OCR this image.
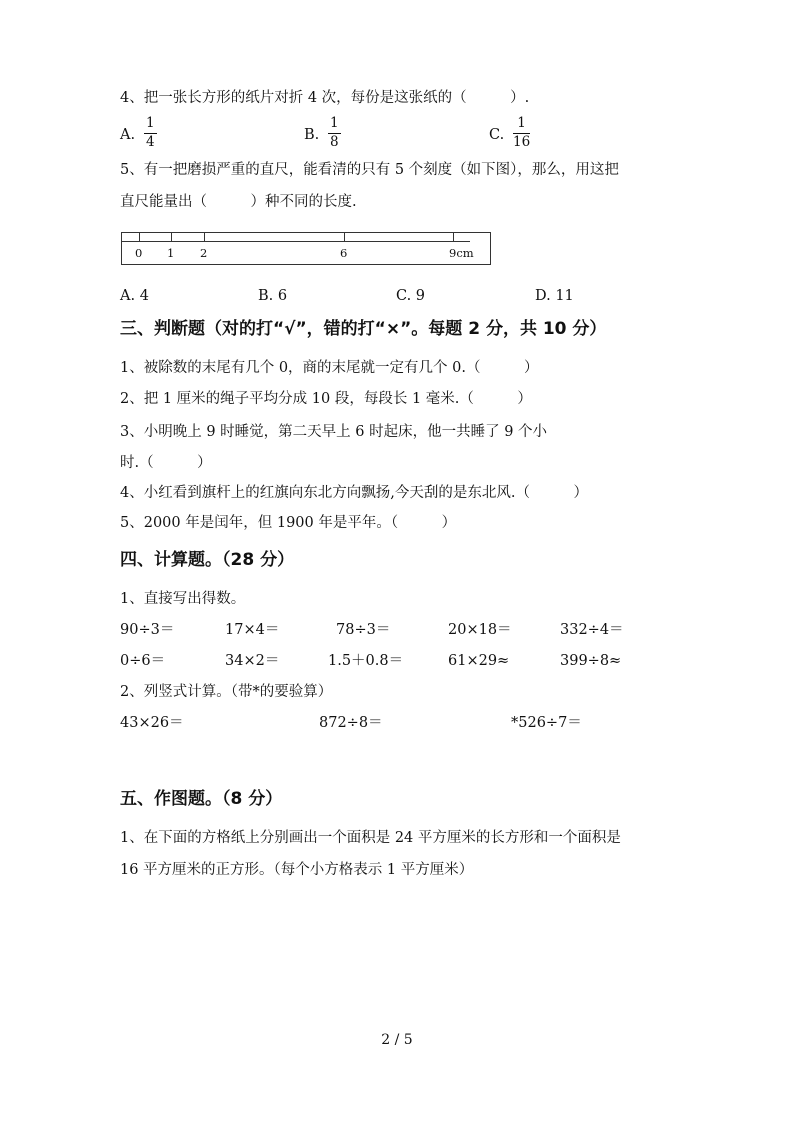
4、把一张长方形的纸片对折 4 次，每份是这张纸的（　　　）.
A.
1
4	B.
1
8	C.
1
16
5、有一把磨损严重的直尺，能看清的只有 5 个刻度（如下图），那么，用这把
直尺能量出（　　　）种不同的长度.
0 1 2	6	9cm
A. 4	B. 6	C. 9	D. 11
三、判断题（对的打“√”，错的打“×”。每题 2 分，共 10 分）
1、被除数的末尾有几个 0，商的末尾就一定有几个 0.（　　　）
2、把 1 厘米的绳子平均分成 10 段，每段长 1 毫米.（　　　）
3、小明晚上 9 时睡觉，第二天早上 6 时起床，他一共睡了 9 个小
时.（　　　）
4、小红看到旗杆上的红旗向东北方向飘扬,今天刮的是东北风.（　　　）
5、2000 年是闰年，但 1900 年是平年。（　　　）
四、计算题。（28 分）
1、直接写出得数。
90÷3＝	17×4＝	78÷3＝	20×18＝	332÷4＝
0÷6＝	34×2＝	1.5＋0.8＝	61×29≈	399÷8≈
2、列竖式计算。（带*的要验算）
43×26＝	872÷8＝	*526÷7＝
五、作图题。（8 分）
1、在下面的方格纸上分别画出一个面积是 24 平方厘米的长方形和一个面积是
16 平方厘米的正方形。（每个小方格表示 1 平方厘米）
2 / 5
